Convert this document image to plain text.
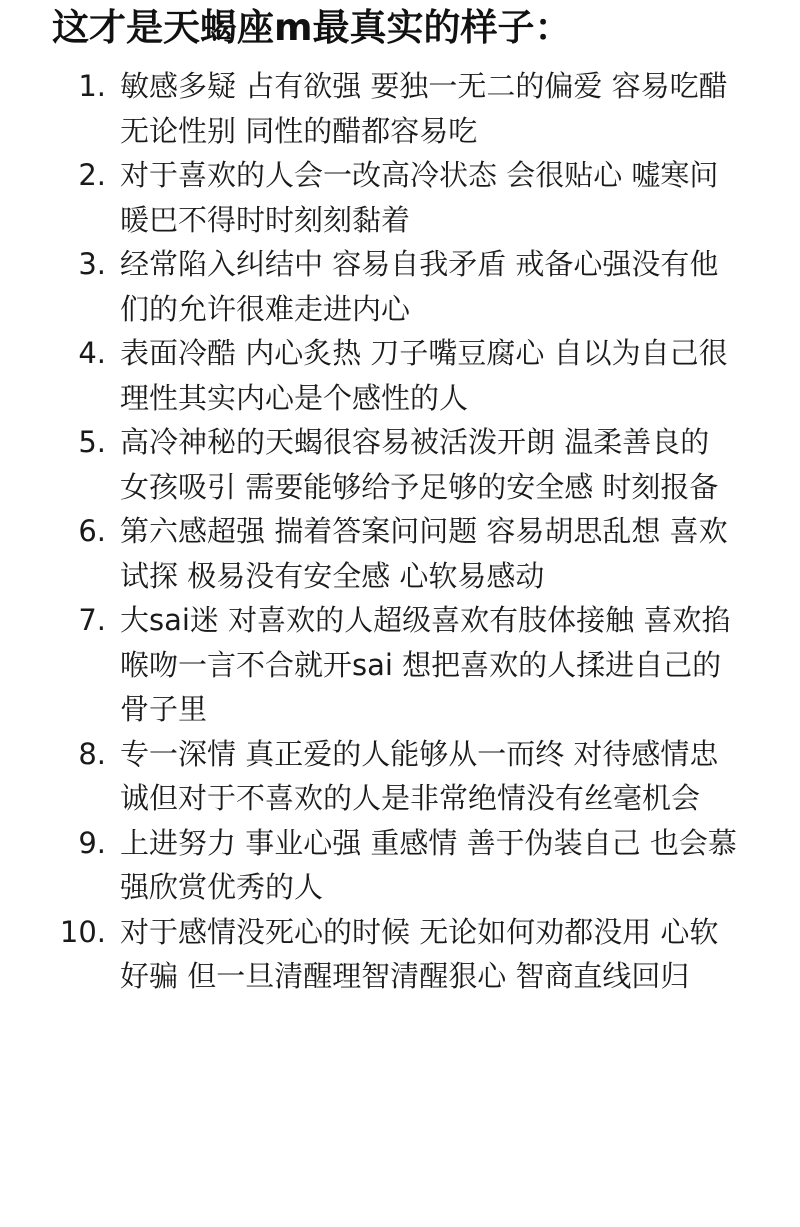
这才是天蝎座m最真实的样子：
1. 敏感多疑 占有欲强 要独一无二的偏爱 容易吃醋无论性别 同性的醋都容易吃
2. 对于喜欢的人会一改高冷状态 会很贴心 嘘寒问暖巴不得时时刻刻黏着
3. 经常陷入纠结中 容易自我矛盾 戒备心强没有他们的允许很难走进内心
4. 表面冷酷 内心炙热 刀子嘴豆腐心 自以为自己很理性其实内心是个感性的人
5. 高冷神秘的天蝎很容易被活泼开朗 温柔善良的女孩吸引 需要能够给予足够的安全感 时刻报备
6. 第六感超强 揣着答案问问题 容易胡思乱想 喜欢试探 极易没有安全感 心软易感动
7. 大sai迷 对喜欢的人超级喜欢有肢体接触 喜欢掐喉吻一言不合就开sai 想把喜欢的人揉进自己的骨子里
8. 专一深情 真正爱的人能够从一而终 对待感情忠诚但对于不喜欢的人是非常绝情没有丝毫机会
9. 上进努力 事业心强 重感情 善于伪装自己 也会慕强欣赏优秀的人
10. 对于感情没死心的时候 无论如何劝都没用 心软好骗 但一旦清醒理智清醒狠心 智商直线回归
